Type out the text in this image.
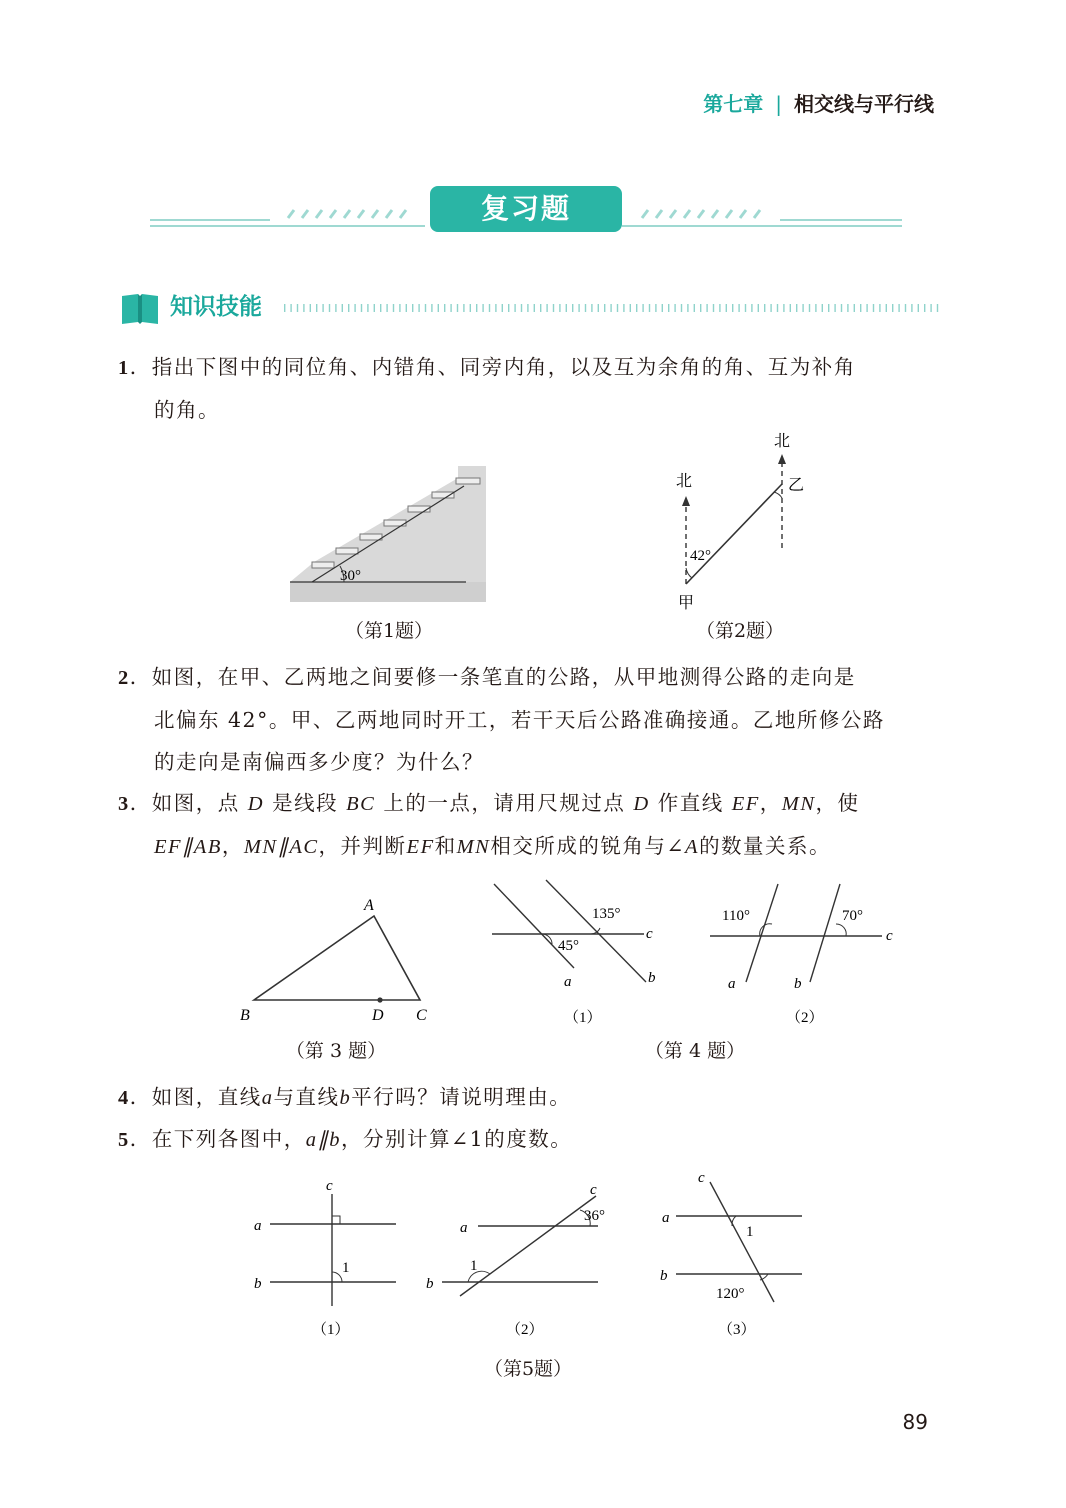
第七章 | 相交线与平行线
复习题
知识技能
1．指出下图中的同位角、内错角、同旁内角，以及互为余角的角、互为补角
的角。
30°
（第1题）
北
北
乙
甲
42°
（第2题）
2．如图，在甲、乙两地之间要修一条笔直的公路，从甲地测得公路的走向是
北偏东 42°。甲、乙两地同时开工，若干天后公路准确接通。乙地所修公路
的走向是南偏西多少度？为什么？
3．如图，点 D 是线段 BC 上的一点，请用尺规过点 D 作直线 EF，MN，使
EF∥AB，MN∥AC，并判断EF和MN相交所成的锐角与∠A的数量关系。
A
B	C
D
（第 3 题）
135°
45°
c
a	b
（1）
110°	70°
c
a	b
（2）
（第 4 题）
4．如图，直线a与直线b平行吗？请说明理由。
5．在下列各图中，a∥b，分别计算∠1的度数。
c
a
b
1
（1）
c
a
b
36°
1
（2）
c
a
b
1
120°
（3）
（第5题）
89
